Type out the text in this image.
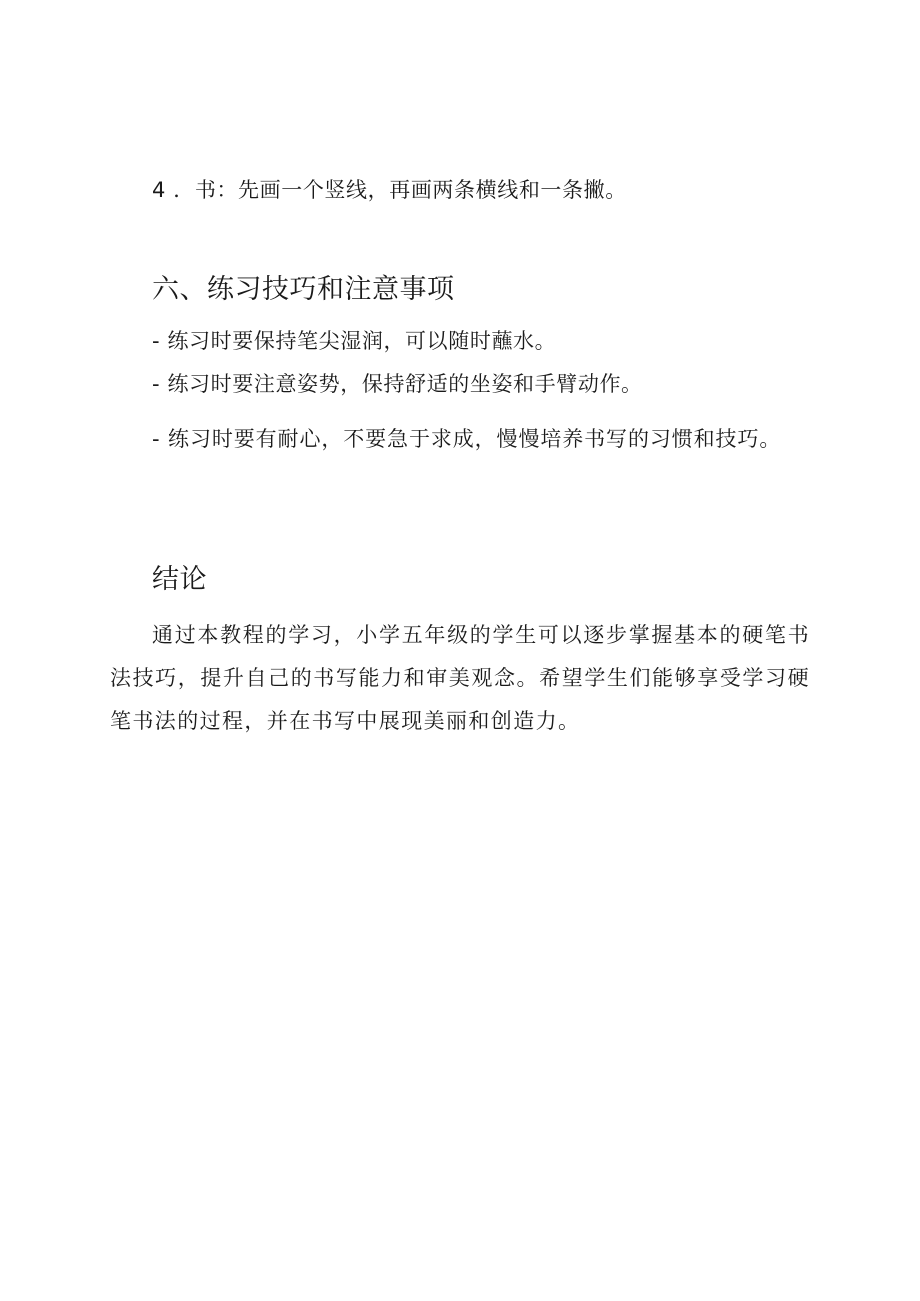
4 ．书：先画一个竖线，再画两条横线和一条撇。
六、练习技巧和注意事项
- 练习时要保持笔尖湿润，可以随时蘸水。
- 练习时要注意姿势，保持舒适的坐姿和手臂动作。
- 练习时要有耐心，不要急于求成，慢慢培养书写的习惯和技巧。
结论
通过本教程的学习，小学五年级的学生可以逐步掌握基本的硬笔书法技巧，提升自己的书写能力和审美观念。希望学生们能够享受学习硬笔书法的过程，并在书写中展现美丽和创造力。
